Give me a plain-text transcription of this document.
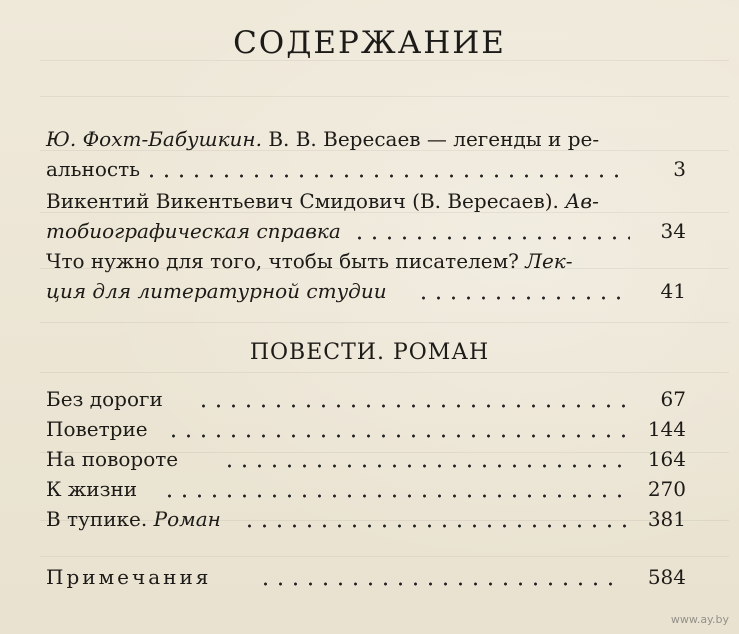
СОДЕРЖАНИЕ
Ю. Фохт-Бабушкин. В. В. Вересаев — легенды и ре-
альность	3
Викентий Викентьевич Смидович (В. Вересаев). Ав-
тобиографическая справка	34
Что нужно для того, чтобы быть писателем? Лек-
ция для литературной студии	41
ПОВЕСТИ. РОМАН
Без дороги	67
Поветрие	144
На повороте	164
К жизни	270
В тупике. Роман	381
Примечания	584
www.ay.by
